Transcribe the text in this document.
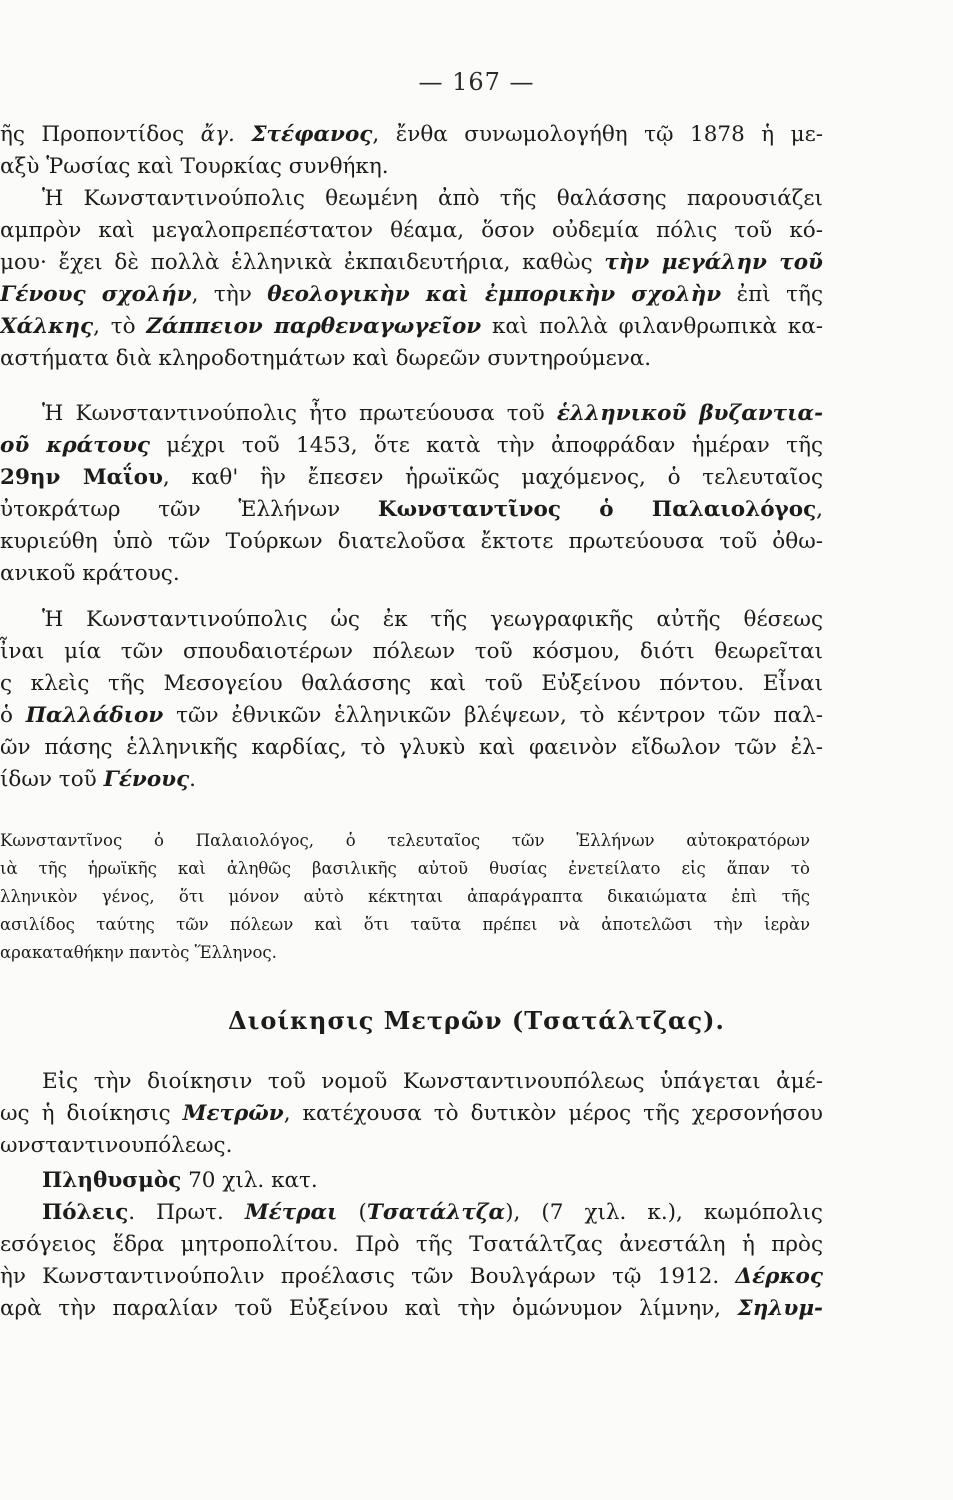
— 167 —
ῆς Προποντίδος ἄγ. Στέφανος, ἔνθα συνωμολογήθη τῷ 1878 ἡ με-
αξὺ Ῥωσίας καὶ Τουρκίας συνθήκη.
Ἡ Κωνσταντινούπολις θεωμένη ἀπὸ τῆς θαλάσσης παρουσιάζει
αμπρὸν καὶ μεγαλοπρεπέστατον θέαμα, ὅσον οὐδεμία πόλις τοῦ κό-
μου· ἔχει δὲ πολλὰ ἑλληνικὰ ἐκπαιδευτήρια, καθὼς τὴν μεγάλην τοῦ
Γένους σχολήν, τὴν θεολογικὴν καὶ ἐμπορικὴν σχολὴν ἐπὶ τῆς
Χάλκης, τὸ Ζάππειον παρθεναγωγεῖον καὶ πολλὰ φιλανθρωπικὰ κα-
αστήματα διὰ κληροδοτημάτων καὶ δωρεῶν συντηρούμενα.
Ἡ Κωνσταντινούπολις ἦτο πρωτεύουσα τοῦ ἑλληνικοῦ βυζαντια-
οῦ κράτους μέχρι τοῦ 1453, ὅτε κατὰ τὴν ἀποφράδαν ἡμέραν τῆς
29ην Μαΐου, καθ' ἣν ἔπεσεν ἡρωϊκῶς μαχόμενος, ὁ τελευταῖος
ὐτοκράτωρ τῶν Ἑλλήνων Κωνσταντῖνος ὁ Παλαιολόγος,
κυριεύθη ὑπὸ τῶν Τούρκων διατελοῦσα ἔκτοτε πρωτεύουσα τοῦ ὀθω-
ανικοῦ κράτους.
Ἡ Κωνσταντινούπολις ὡς ἐκ τῆς γεωγραφικῆς αὐτῆς θέσεως
ἶναι μία τῶν σπουδαιοτέρων πόλεων τοῦ κόσμου, διότι θεωρεῖται
ς κλεὶς τῆς Μεσογείου θαλάσσης καὶ τοῦ Εὐξείνου πόντου. Εἶναι
ὁ Παλλάδιον τῶν ἐθνικῶν ἑλληνικῶν βλέψεων, τὸ κέντρον τῶν παλ-
ῶν πάσης ἑλληνικῆς καρδίας, τὸ γλυκὺ καὶ φαεινὸν εἴδωλον τῶν ἐλ-
ίδων τοῦ Γένους.
Κωνσταντῖνος ὁ Παλαιολόγος, ὁ τελευταῖος τῶν Ἑλλήνων αὐτοκρατόρων
ιὰ τῆς ἡρωϊκῆς καὶ ἀληθῶς βασιλικῆς αὐτοῦ θυσίας ἐνετείλατο εἰς ἅπαν τὸ
λληνικὸν γένος, ὅτι μόνον αὐτὸ κέκτηται ἀπαράγραπτα δικαιώματα ἐπὶ τῆς
ασιλίδος ταύτης τῶν πόλεων καὶ ὅτι ταῦτα πρέπει νὰ ἀποτελῶσι τὴν ἱερὰν
αρακαταθήκην παντὸς Ἕλληνος.
Διοίκησις Μετρῶν (Τσατάλτζας).
Εἰς τὴν διοίκησιν τοῦ νομοῦ Κωνσταντινουπόλεως ὑπάγεται ἀμέ-
ως ἡ διοίκησις Μετρῶν, κατέχουσα τὸ δυτικὸν μέρος τῆς χερσονήσου
ωνσταντινουπόλεως.
Πληθυσμὸς 70 χιλ. κατ.
Πόλεις. Πρωτ. Μέτραι (Τσατάλτζα), (7 χιλ. κ.), κωμόπολις
εσόγειος ἕδρα μητροπολίτου. Πρὸ τῆς Τσατάλτζας ἀνεστάλη ἡ πρὸς
ὴν Κωνσταντινούπολιν προέλασις τῶν Βουλγάρων τῷ 1912. Δέρκος
αρὰ τὴν παραλίαν τοῦ Εὐξείνου καὶ τὴν ὁμώνυμον λίμνην, Σηλυμ-
